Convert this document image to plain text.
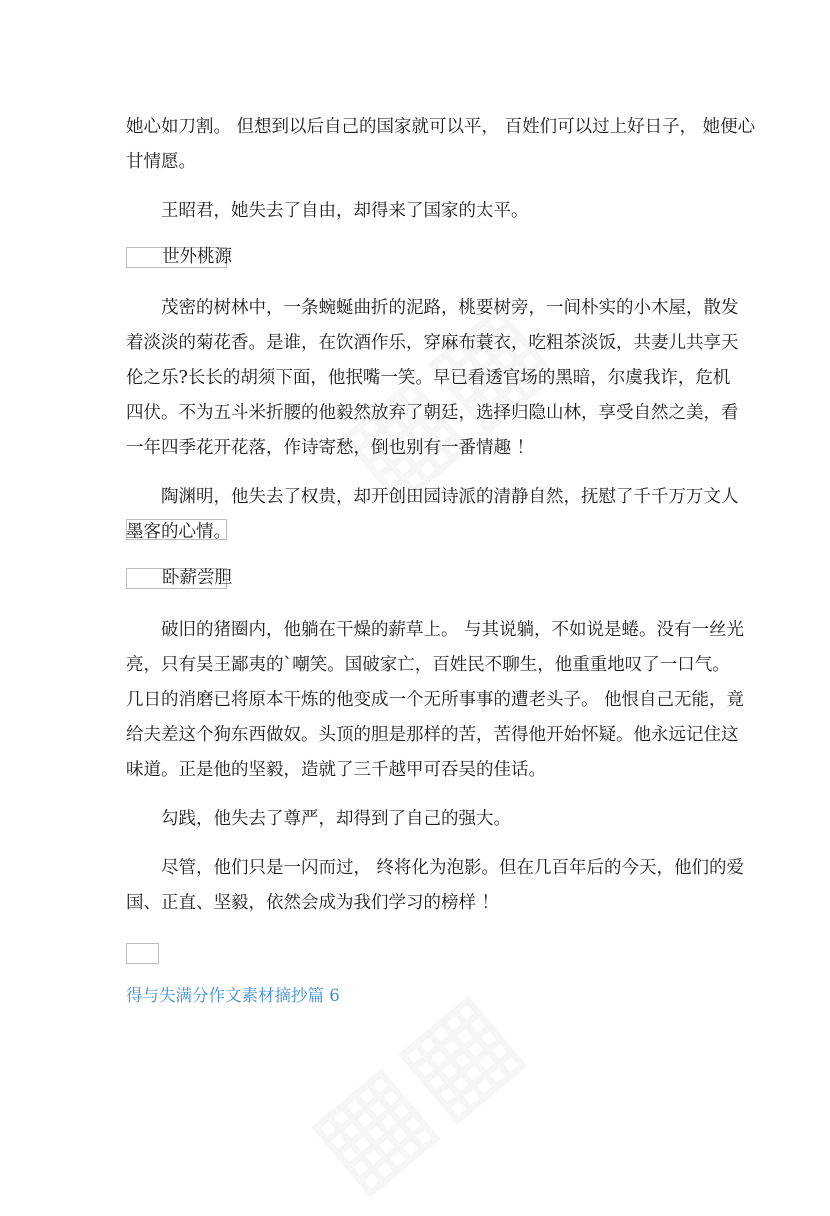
她心如刀割。 但想到以后自己的国家就可以平， 百姓们可以过上好日子， 她便心

甘情愿。

王昭君，她失去了自由，却得来了国家的太平。

世外桃源

茂密的树林中，一条蜿蜒曲折的泥路，桃要树旁，一间朴实的小木屋，散发

着淡淡的菊花香。是谁，在饮酒作乐，穿麻布蓑衣，吃粗茶淡饭，共妻儿共享天

伦之乐?长长的胡须下面，他抿嘴一笑。早已看透官场的黑暗，尔虞我诈，危机

四伏。不为五斗米折腰的他毅然放弃了朝廷，选择归隐山林，享受自然之美，看

一年四季花开花落，作诗寄愁，倒也别有一番情趣 ！

陶渊明，他失去了权贵，却开创田园诗派的清静自然，抚慰了千千万万文人

墨客的心情。

卧薪尝胆

破旧的猪圈内，他躺在干燥的薪草上。 与其说躺，不如说是蜷。没有一丝光

亮，只有吴王鄙夷的`嘲笑。国破家亡，百姓民不聊生，他重重地叹了一口气。

几日的消磨已将原本干炼的他变成一个无所事事的遭老头子。 他恨自己无能，竟

给夫差这个狗东西做奴。头顶的胆是那样的苦，苦得他开始怀疑。他永远记住这

味道。正是他的坚毅，造就了三千越甲可吞吴的佳话。

勾践，他失去了尊严，却得到了自己的强大。

尽管，他们只是一闪而过， 终将化为泡影。但在几百年后的今天，他们的爱

国、正直、坚毅，依然会成为我们学习的榜样 ！

得与失满分作文素材摘抄篇 6
